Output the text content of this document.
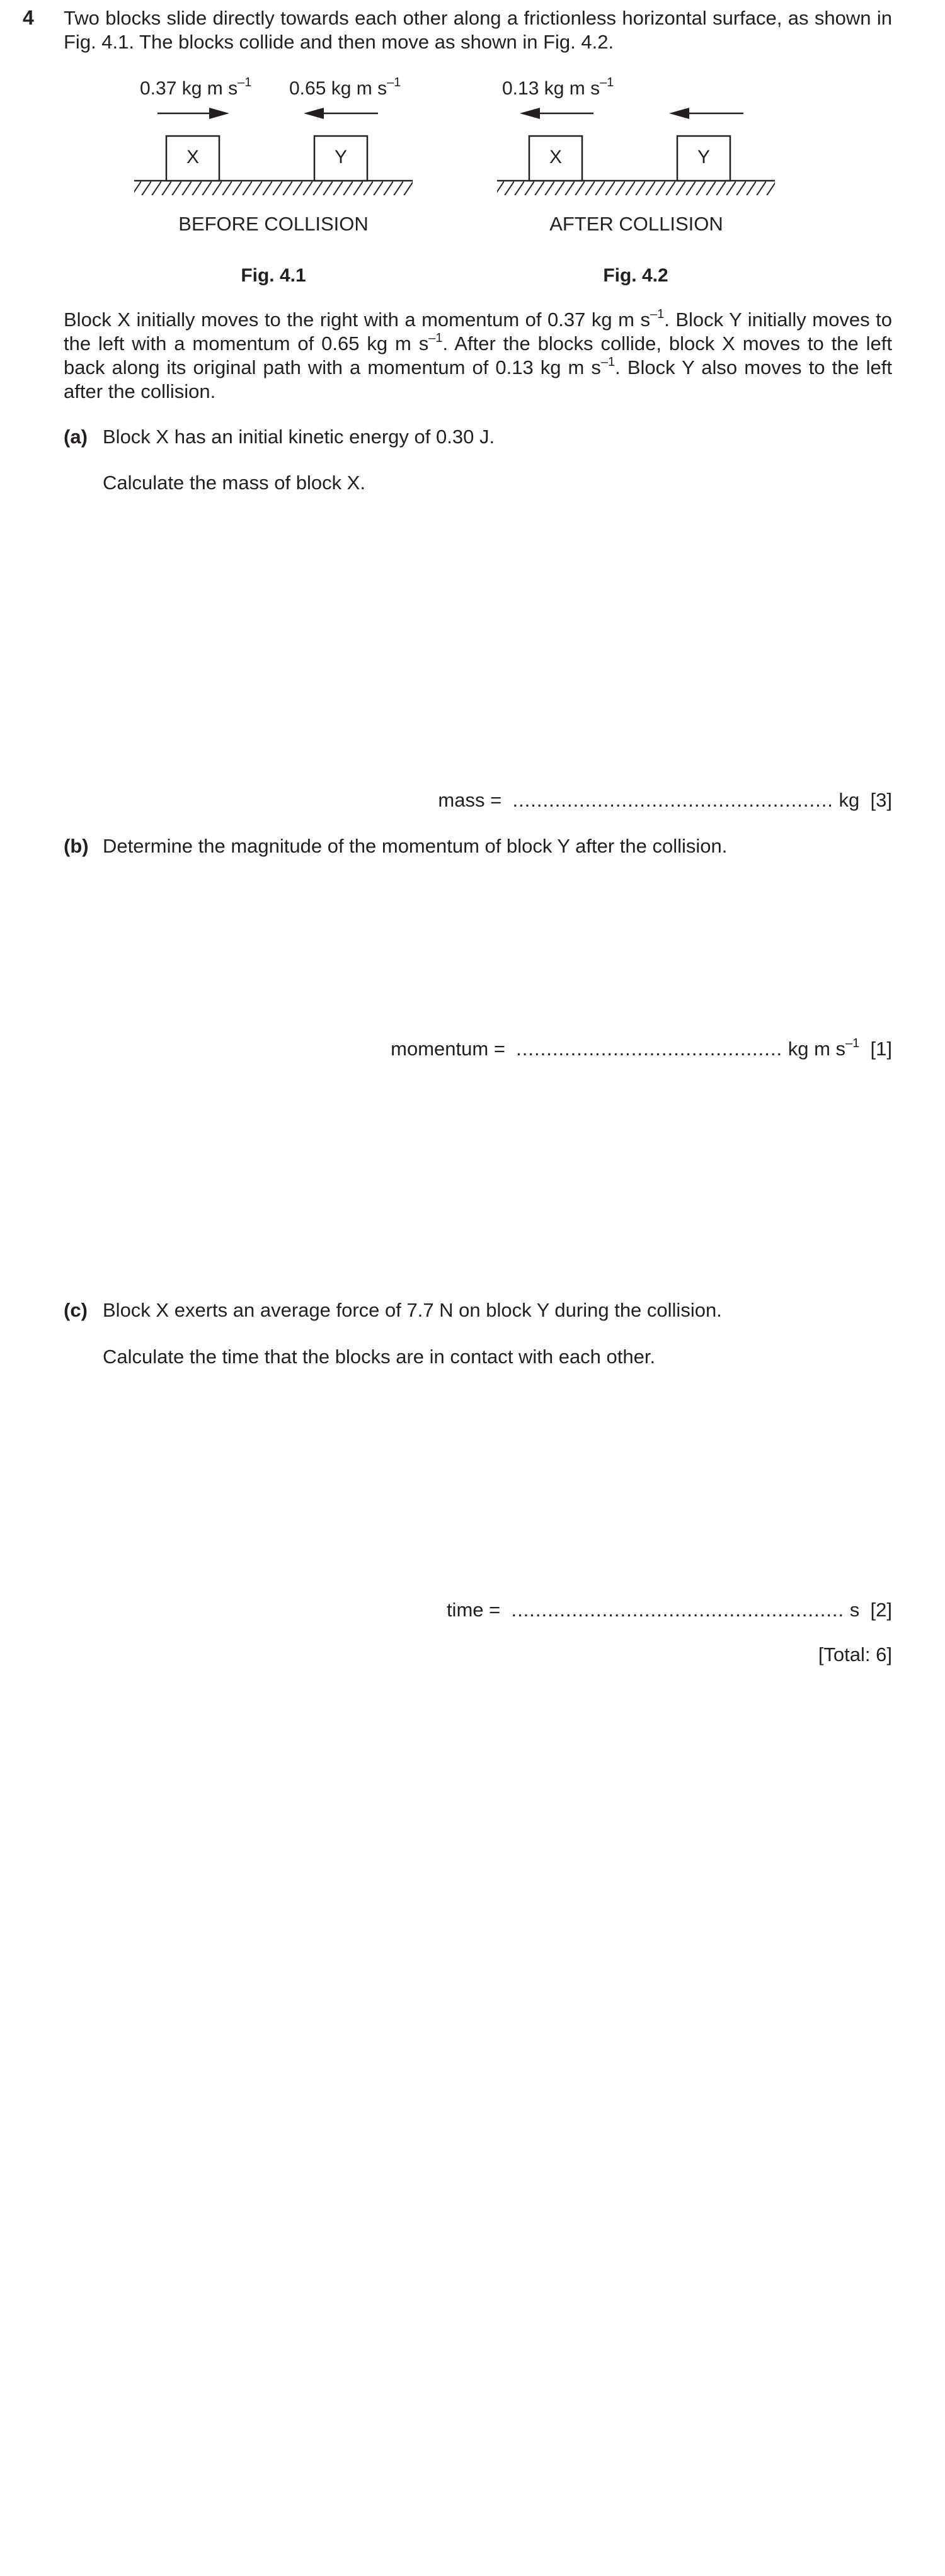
4 Two blocks slide directly towards each other along a frictionless horizontal surface, as shown in Fig. 4.1. The blocks collide and then move as shown in Fig. 4.2.
X	Y	X	Y
0.37 kg m $s^{-1}$ 0.65 kg m $s^{-1}$	0.13 kg m $s^{-1}$
BEFORE COLLISION	AFTER COLLISION
Fig. 4.1	Fig. 4.2
Block X initially moves to the right with a momentum of 0.37 kg m $s^{-1}$. Block Y initially moves to the left with a momentum of 0.65 kg m $s^{-1}$. After the blocks collide, block X moves to the left back along its original path with a momentum of 0.13 kg m $s^{-1}$. Block Y also moves to the left after the collision.
(a) Block X has an initial kinetic energy of 0.30 J.
Calculate the mass of block X.
mass = ..................................................... kg [3]
(b) Determine the magnitude of the momentum of block Y after the collision.
momentum = ............................................ kg m $s^{-1}$ [1]
(c) Block X exerts an average force of 7.7 N on block Y during the collision.
Calculate the time that the blocks are in contact with each other.
time = ....................................................... s [2]
[Total: 6]
